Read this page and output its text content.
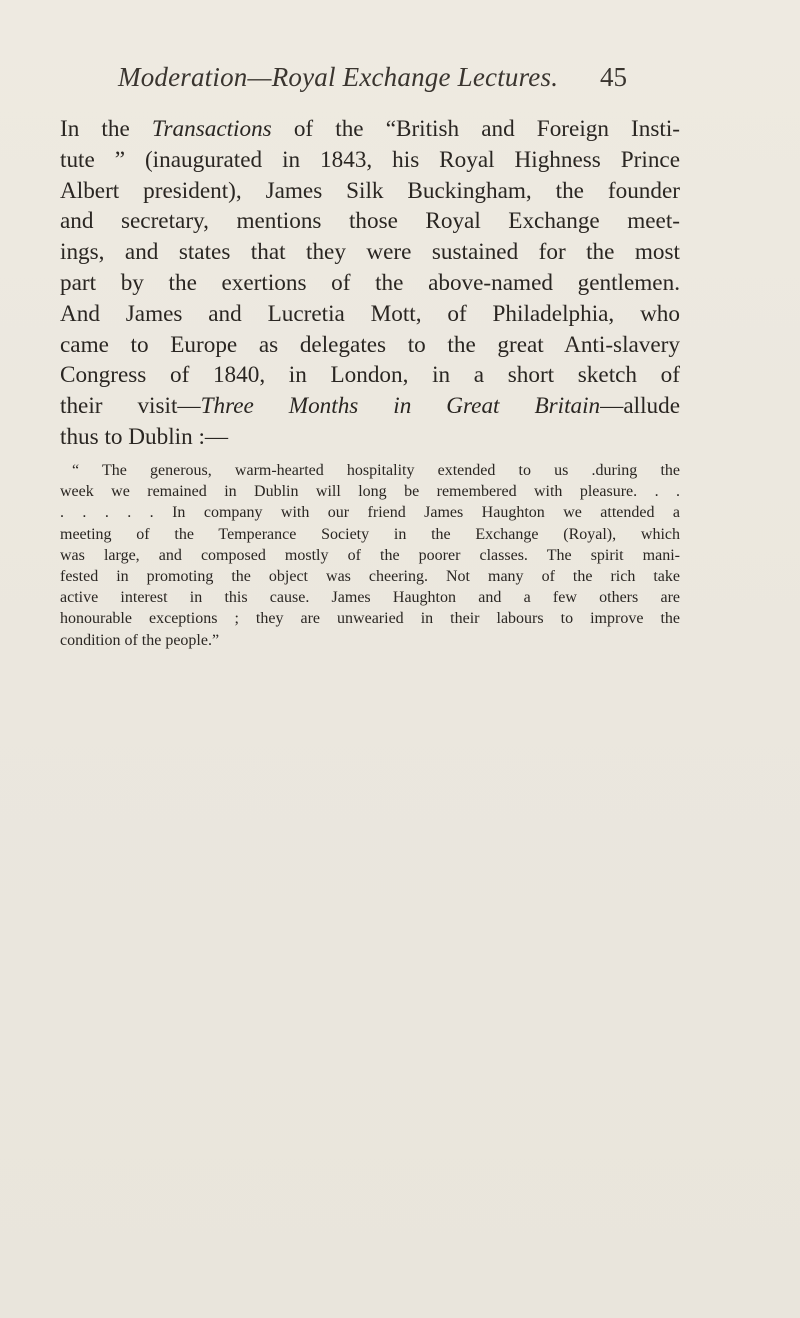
Moderation—Royal Exchange Lectures.	45
In the Transactions of the “British and Foreign Insti-
tute ” (inaugurated in 1843, his Royal Highness Prince
Albert president), James Silk Buckingham, the founder
and secretary, mentions those Royal Exchange meet-
ings, and states that they were sustained for the most
part by the exertions of the above-named gentlemen.
And James and Lucretia Mott, of Philadelphia, who
came to Europe as delegates to the great Anti-slavery
Congress of 1840, in London, in a short sketch of
their visit—Three Months in Great Britain—allude
thus to Dublin :—
“ The generous, warm-hearted hospitality extended to us .during the
week we remained in Dublin will long be remembered with pleasure. . .
. . . . . In company with our friend James Haughton we attended a
meeting of the Temperance Society in the Exchange (Royal), which
was large, and composed mostly of the poorer classes. The spirit mani-
fested in promoting the object was cheering. Not many of the rich take
active interest in this cause. James Haughton and a few others are
honourable exceptions ; they are unwearied in their labours to improve the
condition of the people.”
